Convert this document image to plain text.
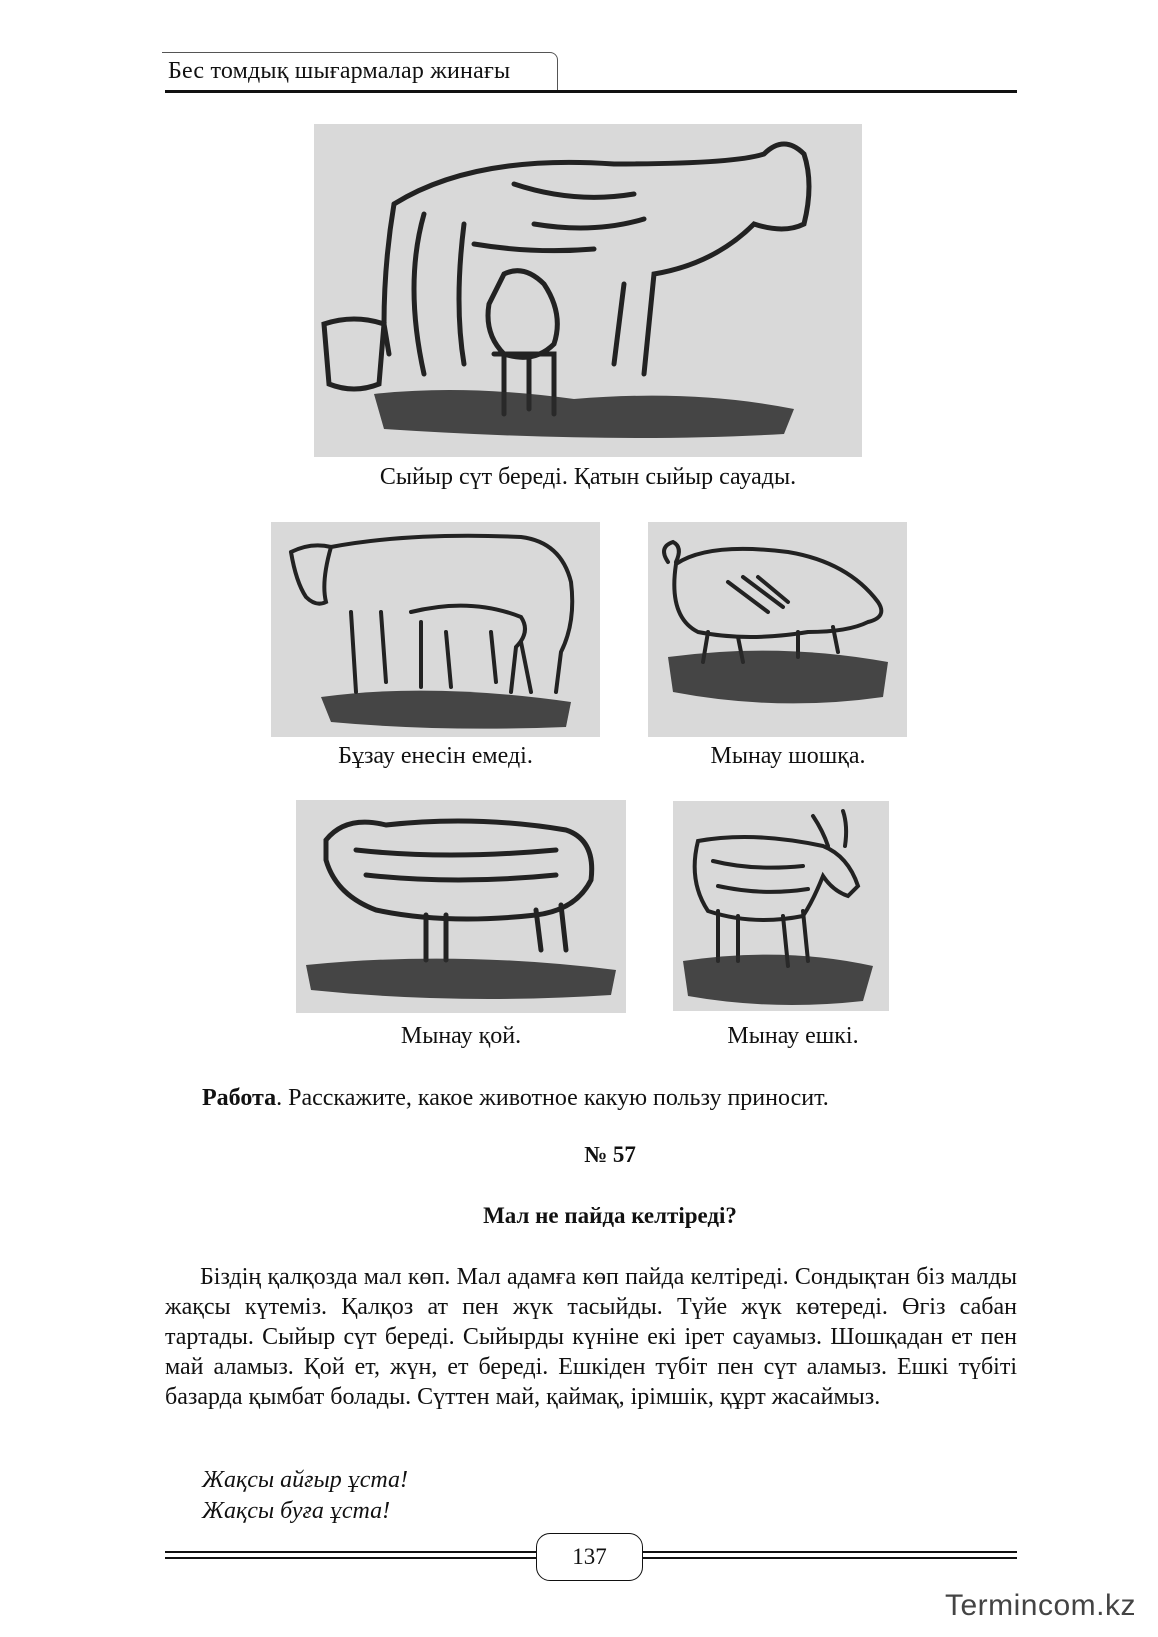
Бес томдық шығармалар жинағы
Сыйыр сүт береді. Қатын сыйыр сауады.
Бұзау енесін емеді.	Мынау шошқа.
Мынау қой.	Мынау ешкі.
Работа. Расскажите, какое животное какую пользу приносит.
№ 57
Мал не пайда келтіреді?
Біздің қалқозда мал көп. Мал адамға көп пайда келтіреді. Сондықтан біз малды жақсы күтеміз. Қалқоз ат пен жүк тасыйды. Түйе жүк көтереді. Өгіз сабан тартады. Сыйыр сүт береді. Сыйырды күніне екі ірет сауамыз. Шошқадан ет пен май аламыз. Қой ет, жүн, ет береді. Ешкіден түбіт пен сүт аламыз. Ешкі түбіті базарда қымбат болады. Сүттен май, қаймақ, ірімшік, құрт жасаймыз.
Жақсы айғыр ұста!
Жақсы буға ұста!
137
Termincom.kz
